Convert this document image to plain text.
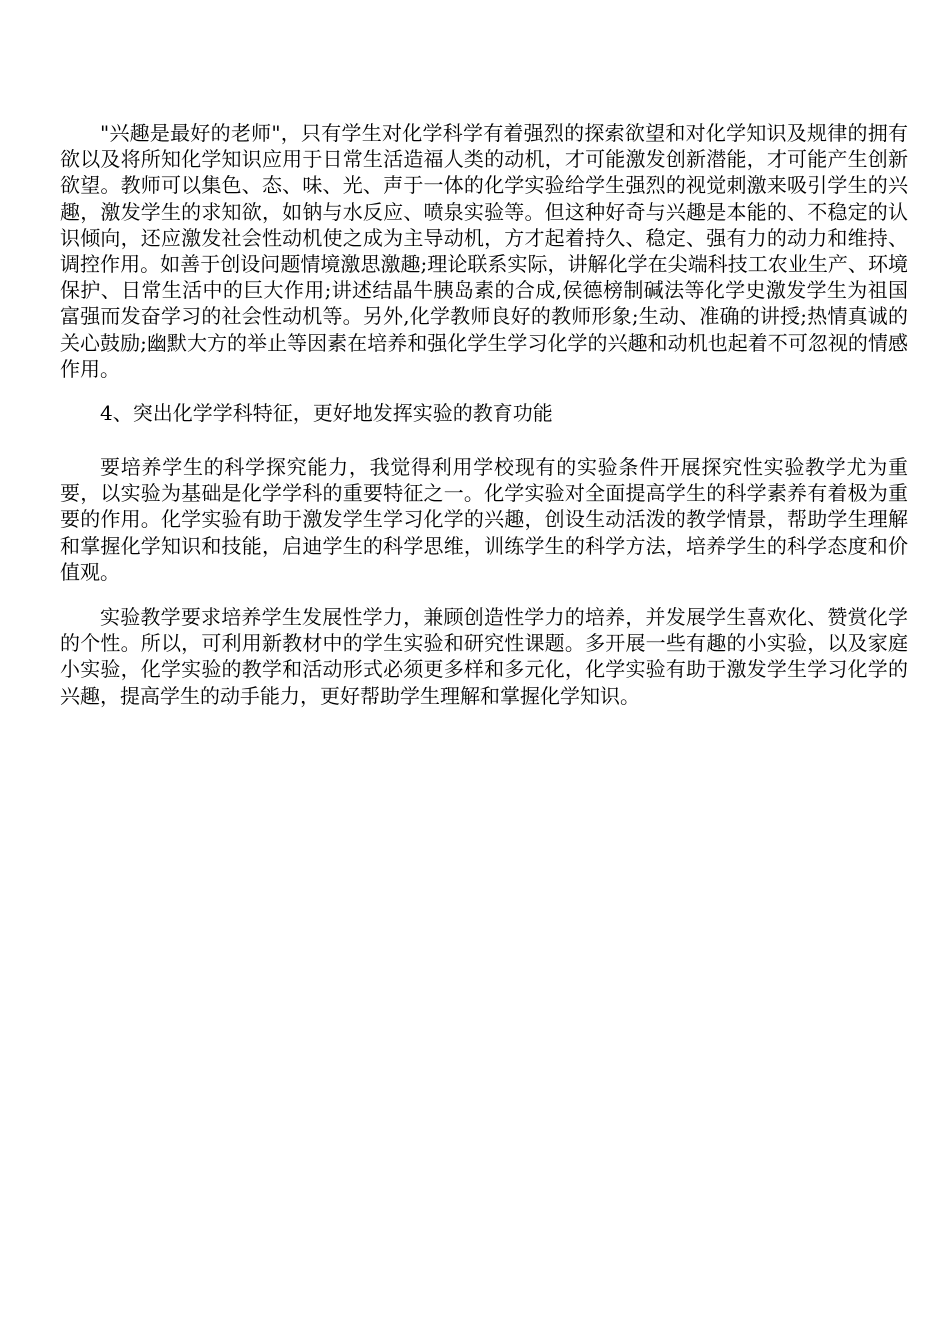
"兴趣是最好的老师"，只有学生对化学科学有着强烈的探索欲望和对化学知识及规律的拥有欲以及将所知化学知识应用于日常生活造福人类的动机，才可能激发创新潜能，才可能产生创新欲望。教师可以集色、态、味、光、声于一体的化学实验给学生强烈的视觉刺激来吸引学生的兴趣，激发学生的求知欲，如钠与水反应、喷泉实验等。但这种好奇与兴趣是本能的、不稳定的认识倾向，还应激发社会性动机使之成为主导动机，方才起着持久、稳定、强有力的动力和维持、调控作用。如善于创设问题情境激思激趣;理论联系实际，讲解化学在尖端科技工农业生产、环境保护、日常生活中的巨大作用;讲述结晶牛胰岛素的合成,侯德榜制碱法等化学史激发学生为祖国富强而发奋学习的社会性动机等。另外,化学教师良好的教师形象;生动、准确的讲授;热情真诚的关心鼓励;幽默大方的举止等因素在培养和强化学生学习化学的兴趣和动机也起着不可忽视的情感作用。

4、突出化学学科特征，更好地发挥实验的教育功能

要培养学生的科学探究能力，我觉得利用学校现有的实验条件开展探究性实验教学尤为重要，以实验为基础是化学学科的重要特征之一。化学实验对全面提高学生的科学素养有着极为重要的作用。化学实验有助于激发学生学习化学的兴趣，创设生动活泼的教学情景，帮助学生理解和掌握化学知识和技能，启迪学生的科学思维，训练学生的科学方法，培养学生的科学态度和价值观。

实验教学要求培养学生发展性学力，兼顾创造性学力的培养，并发展学生喜欢化、赞赏化学的个性。所以，可利用新教材中的学生实验和研究性课题。多开展一些有趣的小实验，以及家庭小实验，化学实验的教学和活动形式必须更多样和多元化，化学实验有助于激发学生学习化学的兴趣，提高学生的动手能力，更好帮助学生理解和掌握化学知识。
